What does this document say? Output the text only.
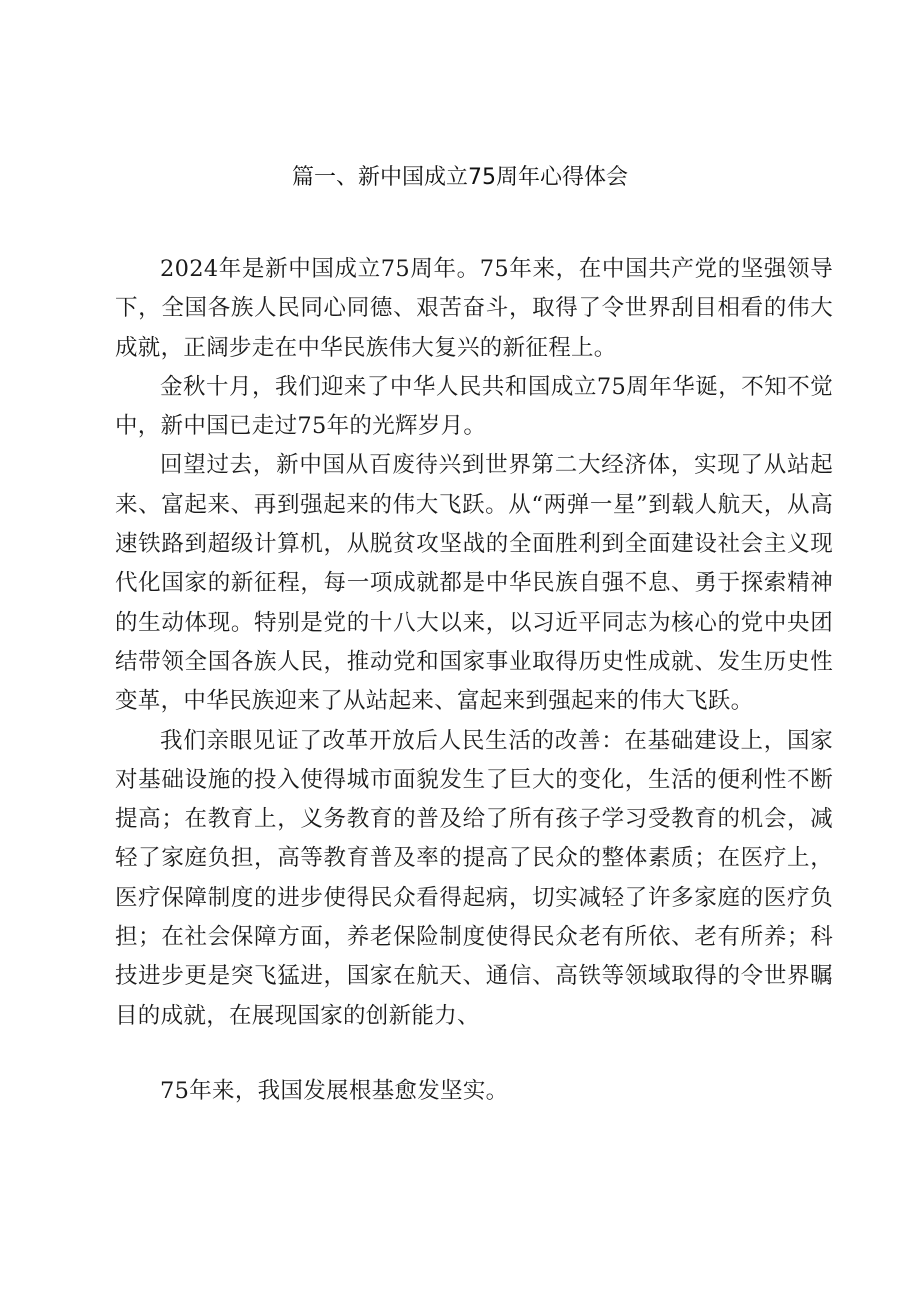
篇一、新中国成立75周年心得体会

2024年是新中国成立75周年。75年来，在中国共产党的坚强领导下，全国各族人民同心同德、艰苦奋斗，取得了令世界刮目相看的伟大成就，正阔步走在中华民族伟大复兴的新征程上。

金秋十月，我们迎来了中华人民共和国成立75周年华诞，不知不觉中，新中国已走过75年的光辉岁月。

回望过去，新中国从百废待兴到世界第二大经济体，实现了从站起来、富起来、再到强起来的伟大飞跃。从“两弹一星”到载人航天，从高速铁路到超级计算机，从脱贫攻坚战的全面胜利到全面建设社会主义现代化国家的新征程，每一项成就都是中华民族自强不息、勇于探索精神的生动体现。特别是党的十八大以来，以习近平同志为核心的党中央团结带领全国各族人民，推动党和国家事业取得历史性成就、发生历史性变革，中华民族迎来了从站起来、富起来到强起来的伟大飞跃。

我们亲眼见证了改革开放后人民生活的改善：在基础建设上，国家对基础设施的投入使得城市面貌发生了巨大的变化，生活的便利性不断提高；在教育上，义务教育的普及给了所有孩子学习受教育的机会，减轻了家庭负担，高等教育普及率的提高了民众的整体素质；在医疗上，医疗保障制度的进步使得民众看得起病，切实减轻了许多家庭的医疗负担；在社会保障方面，养老保险制度使得民众老有所依、老有所养；科技进步更是突飞猛进，国家在航天、通信、高铁等领域取得的令世界瞩目的成就，在展现国家的创新能力、

75年来，我国发展根基愈发坚实。
